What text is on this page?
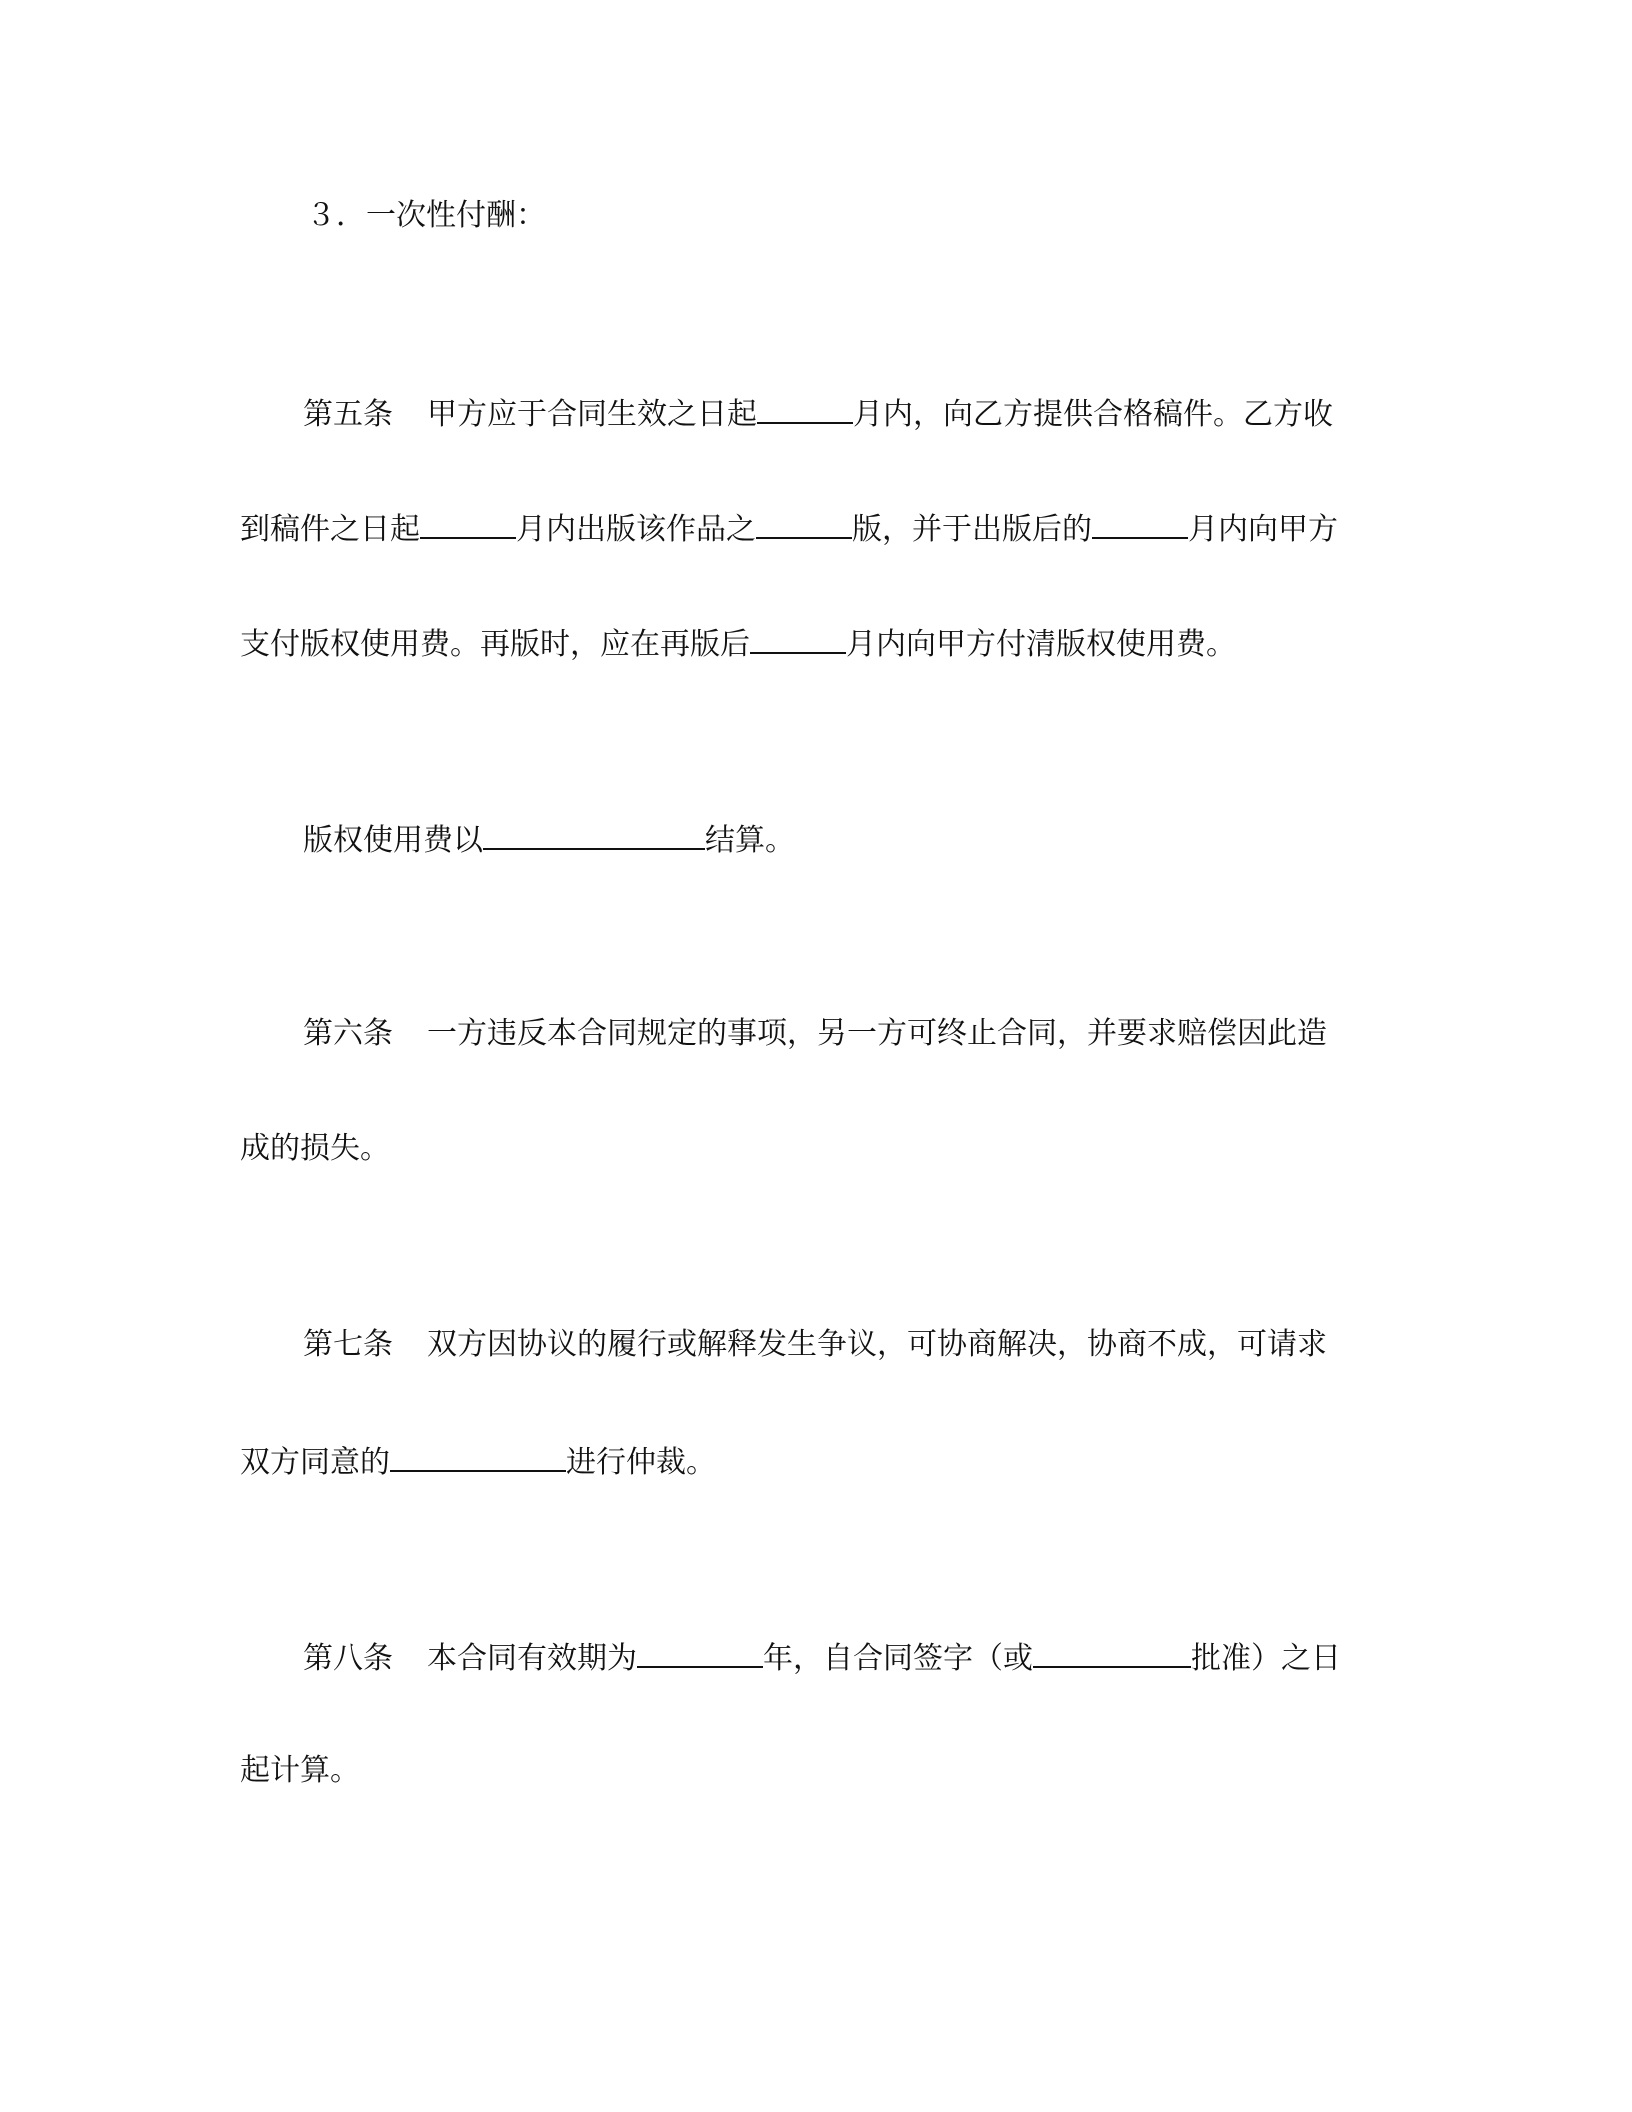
３．一次性付酬：
第五条 甲方应于合同生效之日起	月内，向乙方提供合格稿件。乙方收
到稿件之日起	月内出版该作品之	版，并于出版后的	月内向甲方
支付版权使用费。再版时，应在再版后	月内向甲方付清版权使用费。
版权使用费以	结算。
第六条 一方违反本合同规定的事项，另一方可终止合同，并要求赔偿因此造
成的损失。
第七条 双方因协议的履行或解释发生争议，可协商解决，协商不成，可请求
双方同意的	进行仲裁。
第八条 本合同有效期为	年，自合同签字（或	批准）之日
起计算。
